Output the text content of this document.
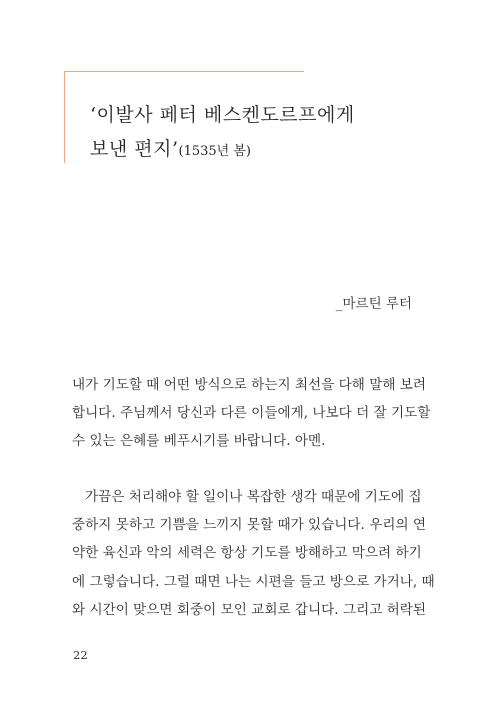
‘이발사 페터 베스켄도르프에게
보낸 편지’(1535년 봄)
_마르틴 루터
내가 기도할 때 어떤 방식으로 하는지 최선을 다해 말해 보려
합니다. 주님께서 당신과 다른 이들에게, 나보다 더 잘 기도할
수 있는 은혜를 베푸시기를 바랍니다. 아멘.
가끔은 처리해야 할 일이나 복잡한 생각 때문에 기도에 집
중하지 못하고 기쁨을 느끼지 못할 때가 있습니다. 우리의 연
약한 육신과 악의 세력은 항상 기도를 방해하고 막으려 하기
에 그렇습니다. 그럴 때면 나는 시편을 들고 방으로 가거나, 때
와 시간이 맞으면 회중이 모인 교회로 갑니다. 그리고 허락된
22
